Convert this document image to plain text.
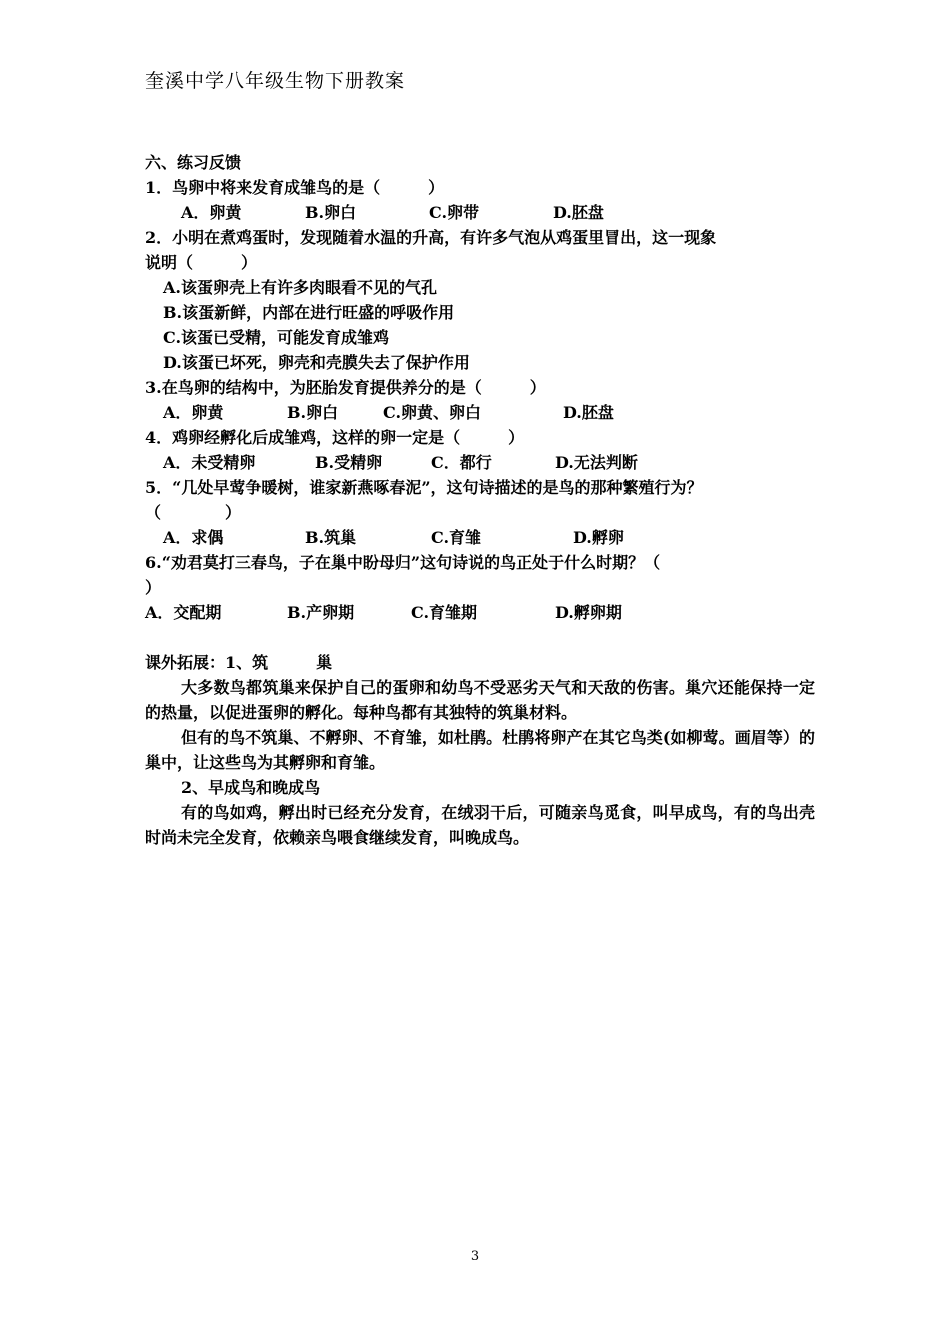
奎溪中学八年级生物下册教案
六、练习反馈
1．鸟卵中将来发育成雏鸟的是（　　　）
A．卵黄	B.卵白	C.卵带	D.胚盘
2．小明在煮鸡蛋时，发现随着水温的升高，有许多气泡从鸡蛋里冒出，这一现象
说明（　　　）
A.该蛋卵壳上有许多肉眼看不见的气孔
B.该蛋新鲜，内部在进行旺盛的呼吸作用
C.该蛋已受精，可能发育成雏鸡
D.该蛋已坏死，卵壳和壳膜失去了保护作用
3.在鸟卵的结构中，为胚胎发育提供养分的是（　　　）
A．卵黄	B.卵白	C.卵黄、卵白	D.胚盘
4．鸡卵经孵化后成雏鸡，这样的卵一定是（　　　）
A．未受精卵	B.受精卵	C．都行	D.无法判断
5．“几处早莺争暖树，谁家新燕啄春泥”，这句诗描述的是鸟的那种繁殖行为？
（　　　　）
A．求偶	B.筑巢	C.育雏	D.孵卵
6.“劝君莫打三春鸟，子在巢中盼母归”这句诗说的鸟正处于什么时期？（
）
A．交配期	B.产卵期	C.育雏期	D.孵卵期
课外拓展：1、筑　　　巢
大多数鸟都筑巢来保护自己的蛋卵和幼鸟不受恶劣天气和天敌的伤害。巢穴还能保持一定的热量，以促进蛋卵的孵化。每种鸟都有其独特的筑巢材料。
但有的鸟不筑巢、不孵卵、不育雏，如杜鹃。杜鹃将卵产在其它鸟类(如柳莺。画眉等）的巢中，让这些鸟为其孵卵和育雏。
2、早成鸟和晚成鸟
有的鸟如鸡，孵出时已经充分发育，在绒羽干后，可随亲鸟觅食，叫早成鸟，有的鸟出壳时尚未完全发育，依赖亲鸟喂食继续发育，叫晚成鸟。
3
